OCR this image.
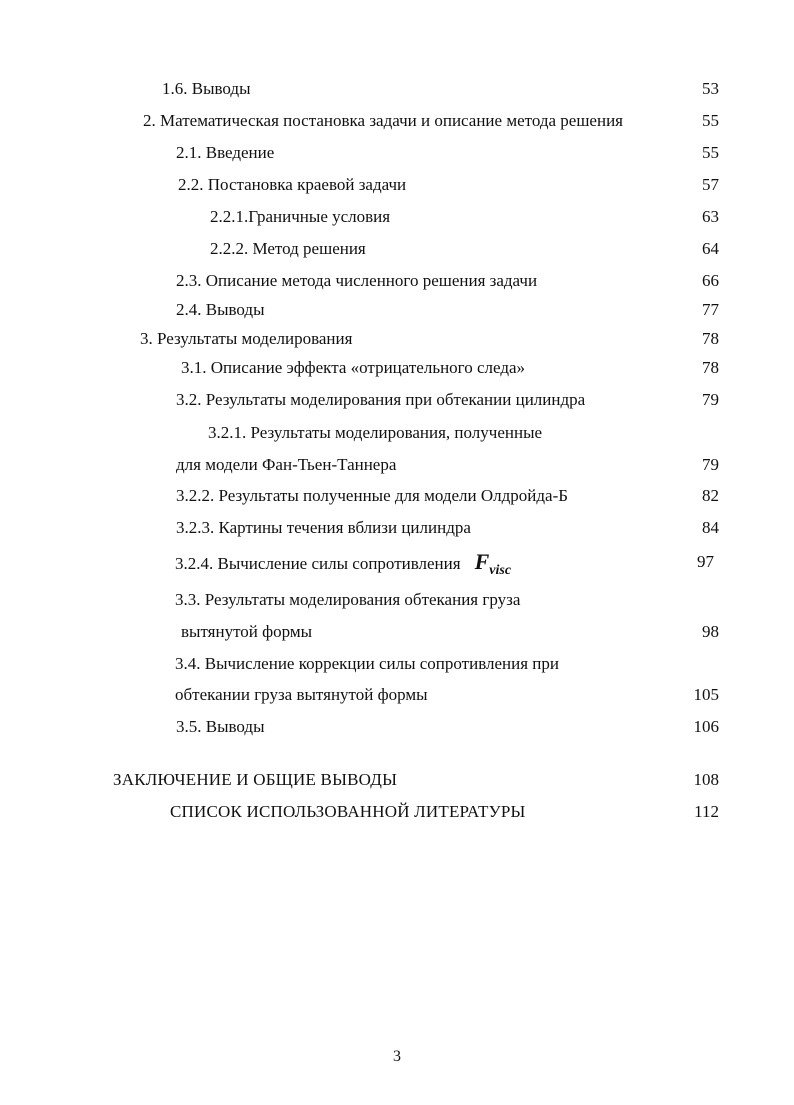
1.6. Выводы	53
2. Математическая постановка задачи и описание метода решения	55
2.1. Введение	55
2.2. Постановка краевой задачи	57
2.2.1.Граничные условия	63
2.2.2. Метод решения	64
2.3. Описание метода численного решения задачи	66
2.4. Выводы	77
3. Результаты моделирования	78
3.1. Описание эффекта «отрицательного следа»	78
3.2. Результаты моделирования при обтекании цилиндра	79
3.2.1. Результаты моделирования, полученные
для модели Фан-Тьен-Таннера	79
3.2.2. Результаты полученные для модели Олдройда-Б	82
3.2.3. Картины течения вблизи цилиндра	84
3.2.4. Вычисление силы сопротивления $F_{visc}$	97
3.3. Результаты моделирования обтекания груза
вытянутой формы	98
3.4. Вычисление коррекции силы сопротивления при
обтекании груза вытянутой формы	105
3.5. Выводы	106
ЗАКЛЮЧЕНИЕ И ОБЩИЕ ВЫВОДЫ	108
СПИСОК ИСПОЛЬЗОВАННОЙ ЛИТЕРАТУРЫ	112
3
